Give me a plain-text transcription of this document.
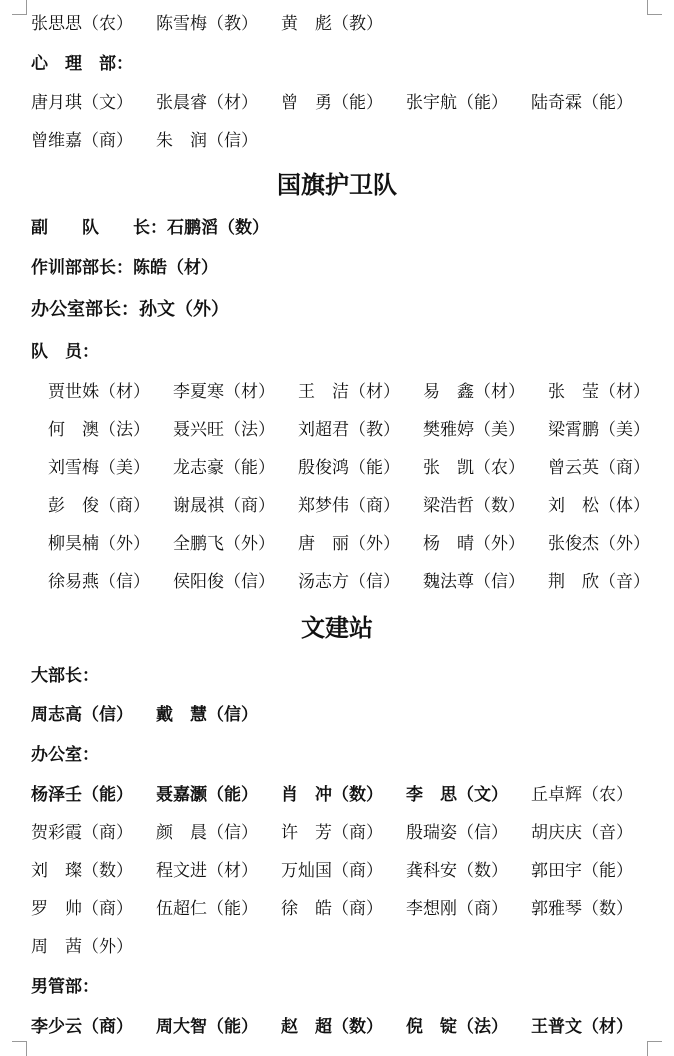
张思思（农） 陈雪梅（教） 黄　彪（教）
心　理　部：
唐月琪（文） 张晨睿（材） 曾　勇（能） 张宇航（能） 陆奇霖（能）
曾维嘉（商） 朱　润（信）
国旗护卫队
副　　队　　长：石鹏滔（数）
作训部部长：陈皓（材）
办公室部长：孙文（外）
队　员：
贾世姝（材） 李夏寒（材） 王　洁（材） 易　鑫（材） 张　莹（材）
何　澳（法） 聂兴旺（法） 刘超君（教） 樊雅婷（美） 梁霄鹏（美）
刘雪梅（美） 龙志豪（能） 殷俊鸿（能） 张　凯（农） 曾云英（商）
彭　俊（商） 谢晟祺（商） 郑梦伟（商） 梁浩哲（数） 刘　松（体）
柳昊楠（外） 全鹏飞（外） 唐　丽（外） 杨　晴（外） 张俊杰（外）
徐易燕（信） 侯阳俊（信） 汤志方（信） 魏法尊（信） 荆　欣（音）
文建站
大部长：
周志高（信） 戴　慧（信）
办公室：
杨泽壬（能） 聂嘉灏（能） 肖　冲（数） 李　思（文） 丘卓辉（农）
贺彩霞（商） 颜　晨（信） 许　芳（商） 殷瑞姿（信） 胡庆庆（音）
刘　璨（数） 程文进（材） 万灿国（商） 龚科安（数） 郭田宇（能）
罗　帅（商） 伍超仁（能） 徐　皓（商） 李想刚（商） 郭雅琴（数）
周　茜（外）
男管部：
李少云（商） 周大智（能） 赵　超（数） 倪　锭（法） 王普文（材）
